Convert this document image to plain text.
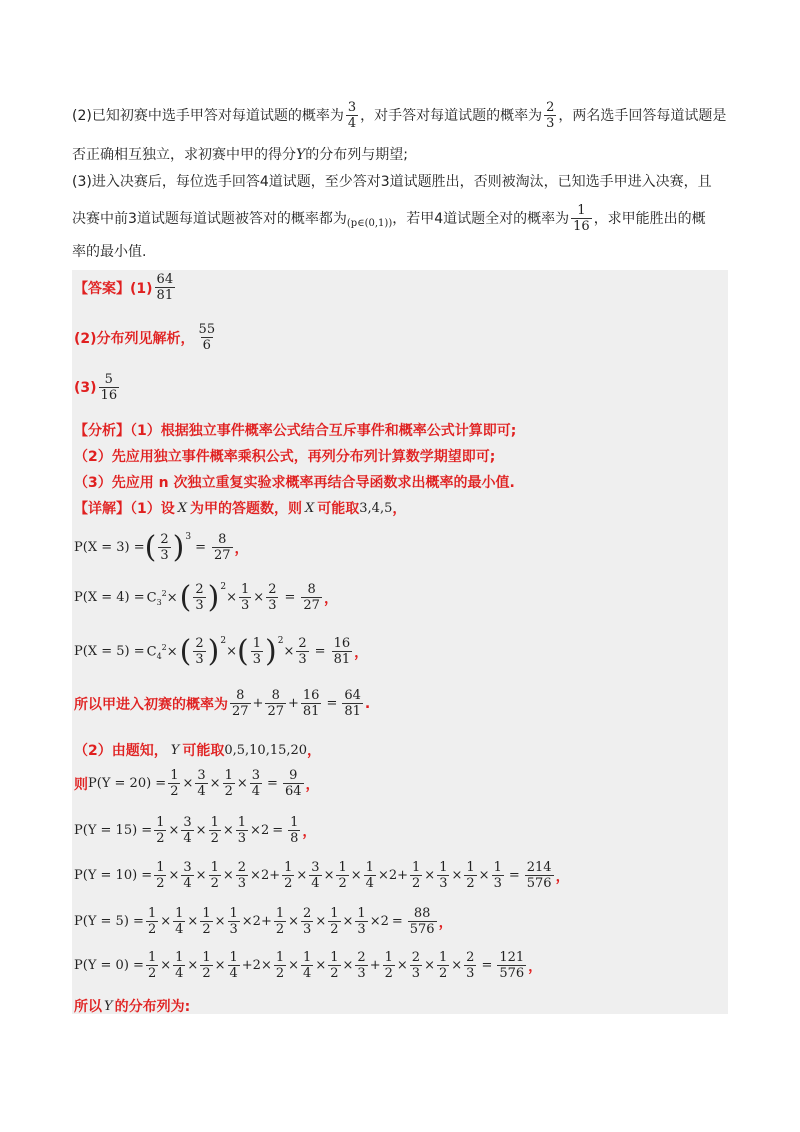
(2)已知初赛中选手甲答对每道试题的概率为 $\frac{3}{4}$ ，对手答对每道试题的概率为 $\frac{2}{3}$ ，两名选手回答每道试题是
否正确相互独立，求初赛中甲的得分 Y 的分布列与期望;
(3)进入决赛后，每位选手回答4道试题，至少答对3道试题胜出，否则被淘汰，已知选手甲进入决赛，且
决赛中前3道试题每道试题被答对的概率都为 (p∈(0,1)) ，若甲4道试题全对的概率为 $\frac{1}{16}$ ，求甲能胜出的概
率的最小值.
【答案】$(1) \frac{64}{81}$
(2)分布列见解析， $\frac{55}{6}$
$(3) \frac{5}{16}$
【分析】（1）根据独立事件概率公式结合互斥事件和概率公式计算即可;
（2）先应用独立事件概率乘积公式，再列分布列计算数学期望即可;
（3）先应用 n 次独立重复实验求概率再结合导函数求出概率的最小值.
【详解】（1）设 X 为甲的答题数，则 X 可能取 3,4,5 ，
P(X = 3) = ( $\frac{2}{3}$ ) 3
= $\frac{8}{27}$ ，
$P(X = 4) = C_3^2\times$ ( $\frac{2}{3}$ ) 2
× $\frac{1}{3} \times \frac{2}{3} = \frac{8}{27}$ ，
$P(X = 5) = C_4^2\times$ ( $\frac{2}{3}$ ) 2
× ( $\frac{1}{3}$ ) 2
× $\frac{2}{3} = \frac{16}{81}$ ，
所以甲进入初赛的概率为 $\frac{8}{27} + \frac{8}{27} + \frac{16}{81} = \frac{64}{81}$ .
（2）由题知， Y 可能取 0,5,10,15,20 ，
则 $P(Y = 20) = \frac{1}{2} \times \frac{3}{4} \times \frac{1}{2} \times \frac{3}{4} = \frac{9}{64}$ ，
$P(Y = 15) = \frac{1}{2} \times \frac{3}{4} \times \frac{1}{2} \times \frac{1}{3} \times 2 = \frac{1}{8}$ ，
$P(Y = 10) = \frac{1}{2} \times \frac{3}{4} \times \frac{1}{2} \times \frac{2}{3} \times 2+ \frac{1}{2} \times \frac{3}{4} \times \frac{1}{2} \times \frac{1}{4} \times 2+ \frac{1}{2} \times \frac{1}{3} \times \frac{1}{2} \times \frac{1}{3} = \frac{214}{576}$ ，
$P(Y = 5) = \frac{1}{2} \times \frac{1}{4} \times \frac{1}{2} \times \frac{1}{3} \times 2+ \frac{1}{2} \times \frac{2}{3} \times \frac{1}{2} \times \frac{1}{3} \times 2 = \frac{88}{576}$ ，
$P(Y = 0) = \frac{1}{2} \times \frac{1}{4} \times \frac{1}{2} \times \frac{1}{4} +2\times \frac{1}{2} \times \frac{1}{4} \times \frac{1}{2} \times \frac{2}{3} + \frac{1}{2} \times \frac{2}{3} \times \frac{1}{2} \times \frac{2}{3} = \frac{121}{576}$ ，
所以 Y 的分布列为:
